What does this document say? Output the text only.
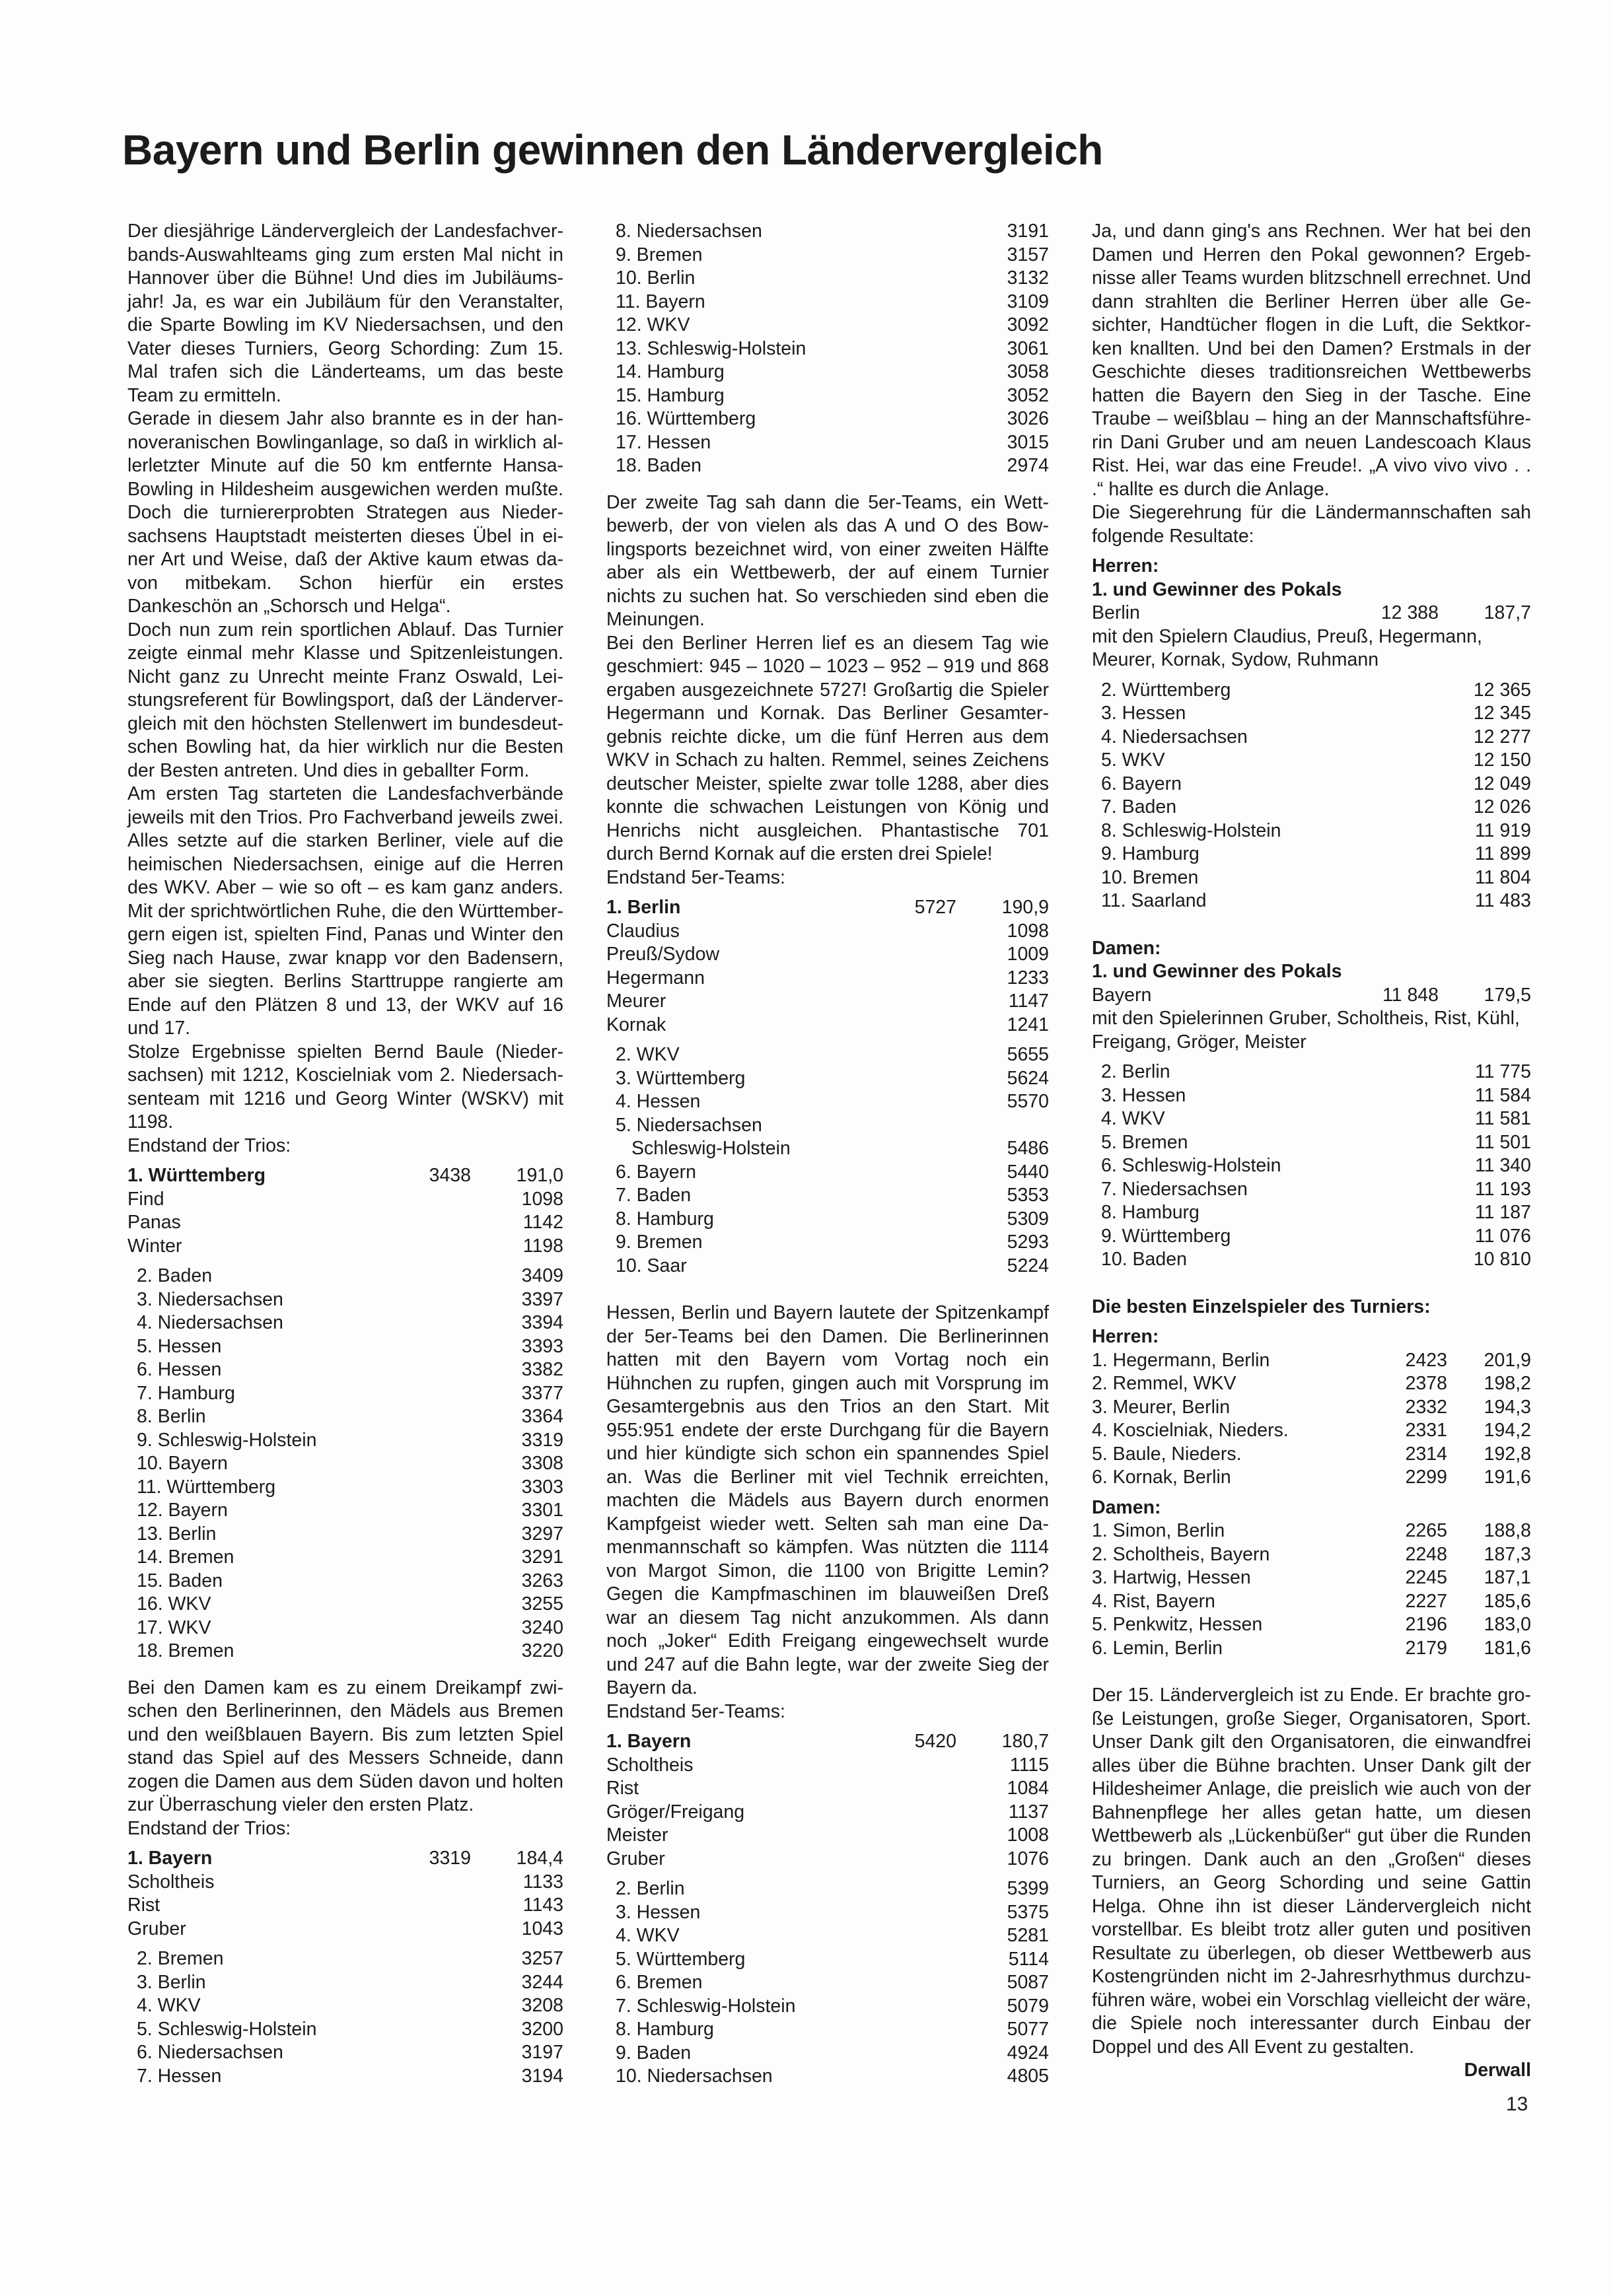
Bayern und Berlin gewinnen den Ländervergleich

Der diesjährige Ländervergleich der Landesfachverbands-Auswahlteams ging zum ersten Mal nicht in Hannover über die Bühne! Und dies im Jubiläumsjahr! Ja, es war ein Jubiläum für den Veranstalter, die Sparte Bowling im KV Niedersachsen, und den Vater dieses Turniers, Georg Schording: Zum 15. Mal trafen sich die Länderteams, um das beste Team zu ermitteln.

Gerade in diesem Jahr also brannte es in der hannoveranischen Bowlinganlage, so daß in wirklich allerletzter Minute auf die 50 km entfernte Hansa-Bowling in Hildesheim ausgewichen werden mußte. Doch die turniererprobten Strategen aus Niedersachsens Hauptstadt meisterten dieses Übel in einer Art und Weise, daß der Aktive kaum etwas davon mitbekam. Schon hierfür ein erstes Dankeschön an „Schorsch und Helga“.

Doch nun zum rein sportlichen Ablauf. Das Turnier zeigte einmal mehr Klasse und Spitzenleistungen. Nicht ganz zu Unrecht meinte Franz Oswald, Leistungsreferent für Bowlingsport, daß der Ländervergleich mit den höchsten Stellenwert im bundesdeutschen Bowling hat, da hier wirklich nur die Besten der Besten antreten. Und dies in geballter Form.

Am ersten Tag starteten die Landesfachverbände jeweils mit den Trios. Pro Fachverband jeweils zwei. Alles setzte auf die starken Berliner, viele auf die heimischen Niedersachsen, einige auf die Herren des WKV. Aber – wie so oft – es kam ganz anders. Mit der sprichtwörtlichen Ruhe, die den Württembergern eigen ist, spielten Find, Panas und Winter den Sieg nach Hause, zwar knapp vor den Badensern, aber sie siegten. Berlins Starttruppe rangierte am Ende auf den Plätzen 8 und 13, der WKV auf 16 und 17.

Stolze Ergebnisse spielten Bernd Baule (Niedersachsen) mit 1212, Koscielniak vom 2. Niedersachsenteam mit 1216 und Georg Winter (WSKV) mit 1198.

Endstand der Trios:

1. Württemberg	3438 191,0
Find	1098
Panas	1142
Winter	1198
2. Baden	3409
3. Niedersachsen	3397
4. Niedersachsen	3394
5. Hessen	3393
6. Hessen	3382
7. Hamburg	3377
8. Berlin	3364
9. Schleswig-Holstein	3319
10. Bayern	3308
11. Württemberg	3303
12. Bayern	3301
13. Berlin	3297
14. Bremen	3291
15. Baden	3263
16. WKV	3255
17. WKV	3240
18. Bremen	3220

Bei den Damen kam es zu einem Dreikampf zwischen den Berlinerinnen, den Mädels aus Bremen und den weißblauen Bayern. Bis zum letzten Spiel stand das Spiel auf des Messers Schneide, dann zogen die Damen aus dem Süden davon und holten zur Überraschung vieler den ersten Platz.

Endstand der Trios:

1. Bayern	3319 184,4
Scholtheis	1133
Rist	1143
Gruber	1043
2. Bremen	3257
3. Berlin	3244
4. WKV	3208
5. Schleswig-Holstein	3200
6. Niedersachsen	3197
7. Hessen	3194
8. Niedersachsen	3191
9. Bremen	3157
10. Berlin	3132
11. Bayern	3109
12. WKV	3092
13. Schleswig-Holstein	3061
14. Hamburg	3058
15. Hamburg	3052
16. Württemberg	3026
17. Hessen	3015
18. Baden	2974

Der zweite Tag sah dann die 5er-Teams, ein Wettbewerb, der von vielen als das A und O des Bowlingsports bezeichnet wird, von einer zweiten Hälfte aber als ein Wettbewerb, der auf einem Turnier nichts zu suchen hat. So verschieden sind eben die Meinungen.

Bei den Berliner Herren lief es an diesem Tag wie geschmiert: 945 – 1020 – 1023 – 952 – 919 und 868 ergaben ausgezeichnete 5727! Großartig die Spieler Hegermann und Kornak. Das Berliner Gesamtergebnis reichte dicke, um die fünf Herren aus dem WKV in Schach zu halten. Remmel, seines Zeichens deutscher Meister, spielte zwar tolle 1288, aber dies konnte die schwachen Leistungen von König und Henrichs nicht ausgleichen. Phantastische 701 durch Bernd Kornak auf die ersten drei Spiele!

Endstand 5er-Teams:

1. Berlin	5727 190,9
Claudius	1098
Preuß/Sydow	1009
Hegermann	1233
Meurer	1147
Kornak	1241
2. WKV	5655
3. Württemberg	5624
4. Hessen	5570
5. Niedersachsen
Schleswig-Holstein	5486
6. Bayern	5440
7. Baden	5353
8. Hamburg	5309
9. Bremen	5293
10. Saar	5224

Hessen, Berlin und Bayern lautete der Spitzenkampf der 5er-Teams bei den Damen. Die Berlinerinnen hatten mit den Bayern vom Vortag noch ein Hühnchen zu rupfen, gingen auch mit Vorsprung im Gesamtergebnis aus den Trios an den Start. Mit 955:951 endete der erste Durchgang für die Bayern und hier kündigte sich schon ein spannendes Spiel an. Was die Berliner mit viel Technik erreichten, machten die Mädels aus Bayern durch enormen Kampfgeist wieder wett. Selten sah man eine Damenmannschaft so kämpfen. Was nützten die 1114 von Margot Simon, die 1100 von Brigitte Lemin? Gegen die Kampfmaschinen im blauweißen Dreß war an diesem Tag nicht anzukommen. Als dann noch „Joker“ Edith Freigang eingewechselt wurde und 247 auf die Bahn legte, war der zweite Sieg der Bayern da.

Endstand 5er-Teams:

1. Bayern	5420 180,7
Scholtheis	1115
Rist	1084
Gröger/Freigang	1137
Meister	1008
Gruber	1076
2. Berlin	5399
3. Hessen	5375
4. WKV	5281
5. Württemberg	5114
6. Bremen	5087
7. Schleswig-Holstein	5079
8. Hamburg	5077
9. Baden	4924
10. Niedersachsen	4805

Ja, und dann ging's ans Rechnen. Wer hat bei den Damen und Herren den Pokal gewonnen? Ergebnisse aller Teams wurden blitzschnell errechnet. Und dann strahlten die Berliner Herren über alle Gesichter, Handtücher flogen in die Luft, die Sektkorken knallten. Und bei den Damen? Erstmals in der Geschichte dieses traditionsreichen Wettbewerbs hatten die Bayern den Sieg in der Tasche. Eine Traube – weißblau – hing an der Mannschaftsführerin Dani Gruber und am neuen Landescoach Klaus Rist. Hei, war das eine Freude!. „A vivo vivo vivo . . .“ hallte es durch die Anlage.

Die Siegerehrung für die Ländermannschaften sah folgende Resultate:

Herren:
1. und Gewinner des Pokals
Berlin	12 388 187,7

mit den Spielern Claudius, Preuß, Hegermann, Meurer, Kornak, Sydow, Ruhmann

2. Württemberg	12 365
3. Hessen	12 345
4. Niedersachsen	12 277
5. WKV	12 150
6. Bayern	12 049
7. Baden	12 026
8. Schleswig-Holstein	11 919
9. Hamburg	11 899
10. Bremen	11 804
11. Saarland	11 483
Damen:
1. und Gewinner des Pokals
Bayern	11 848 179,5

mit den Spielerinnen Gruber, Scholtheis, Rist, Kühl, Freigang, Gröger, Meister

2. Berlin	11 775
3. Hessen	11 584
4. WKV	11 581
5. Bremen	11 501
6. Schleswig-Holstein	11 340
7. Niedersachsen	11 193
8. Hamburg	11 187
9. Württemberg	11 076
10. Baden	10 810
Die besten Einzelspieler des Turniers:
Herren:
1. Hegermann, Berlin	2423 201,9
2. Remmel, WKV	2378 198,2
3. Meurer, Berlin	2332 194,3
4. Koscielniak, Nieders.	2331 194,2
5. Baule, Nieders.	2314 192,8
6. Kornak, Berlin	2299 191,6
Damen:
1. Simon, Berlin	2265 188,8
2. Scholtheis, Bayern	2248 187,3
3. Hartwig, Hessen	2245 187,1
4. Rist, Bayern	2227 185,6
5. Penkwitz, Hessen	2196 183,0
6. Lemin, Berlin	2179 181,6

Der 15. Ländervergleich ist zu Ende. Er brachte große Leistungen, große Sieger, Organisatoren, Sport. Unser Dank gilt den Organisatoren, die einwandfrei alles über die Bühne brachten. Unser Dank gilt der Hildesheimer Anlage, die preislich wie auch von der Bahnenpflege her alles getan hatte, um diesen Wettbewerb als „Lückenbüßer“ gut über die Runden zu bringen. Dank auch an den „Großen“ dieses Turniers, an Georg Schording und seine Gattin Helga. Ohne ihn ist dieser Ländervergleich nicht vorstellbar. Es bleibt trotz aller guten und positiven Resultate zu überlegen, ob dieser Wettbewerb aus Kostengründen nicht im 2-Jahresrhythmus durchzuführen wäre, wobei ein Vorschlag vielleicht der wäre, die Spiele noch interessanter durch Einbau der Doppel und des All Event zu gestalten.

Derwall
13
